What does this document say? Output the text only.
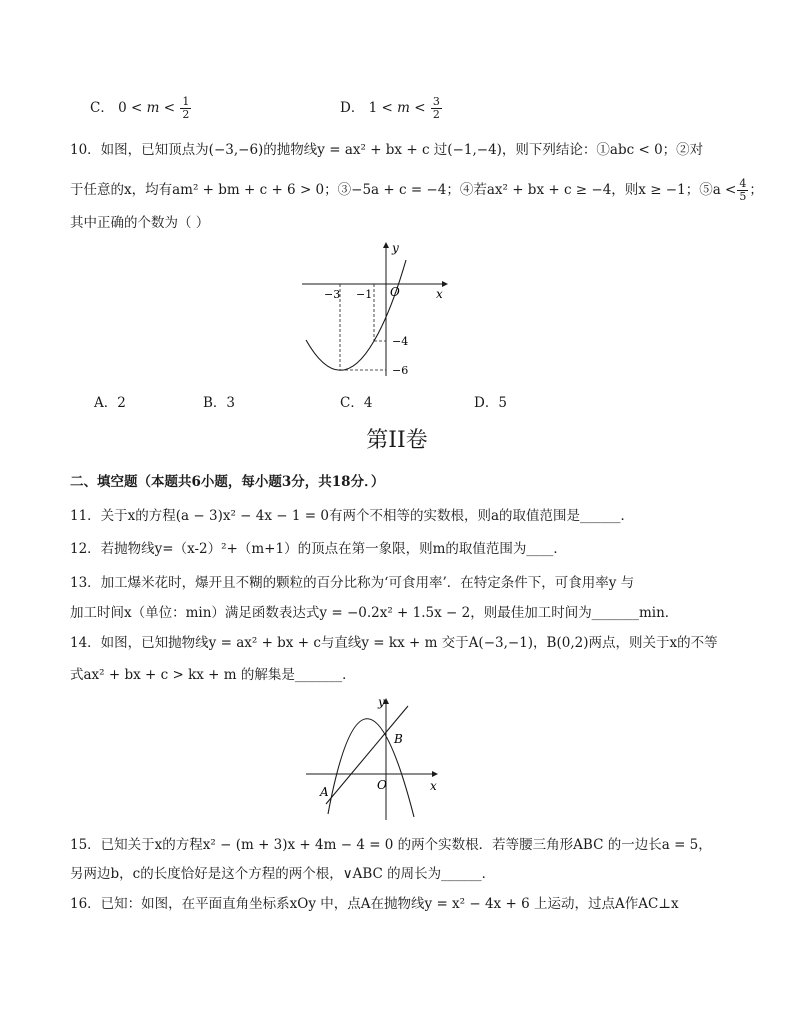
C． $0 < m < \frac{1}{2}$	D． $1 < m < \frac{3}{2}$
10．如图，已知顶点为(−3,−6)的抛物线y = ax² + bx + c 过(−1,−4)，则下列结论：①abc < 0；②对
于任意的x，均有am² + bm + c + 6 > 0；③−5a + c = −4；④若ax² + bx + c ≥ −4，则x ≥ −1；⑤a < $\frac{4}{5}$ ；
其中正确的个数为（ ）
y
x
O
−3 −1
−4
−6
A．2	B．3	C．4	D．5
第II卷
二、填空题（本题共6小题，每小题3分，共18分．）
11．关于x的方程(a − 3)x² − 4x − 1 = 0有两个不相等的实数根，则a的取值范围是______．
12．若抛物线y=（x-2）²+（m+1）的顶点在第一象限，则m的取值范围为____．
13．加工爆米花时，爆开且不糊的颗粒的百分比称为‘可食用率’．在特定条件下，可食用率y 与
加工时间x（单位：min）满足函数表达式y = −0.2x² + 1.5x − 2，则最佳加工时间为_______min．
14．如图，已知抛物线y = ax² + bx + c与直线y = kx + m 交于A(−3,−1)，B(0,2)两点，则关于x的不等
式ax² + bx + c > kx + m 的解集是_______．
x
O
A
B
y
15．已知关于x的方程x² − (m + 3)x + 4m − 4 = 0 的两个实数根．若等腰三角形ABC 的一边长a = 5，
另两边b，c的长度恰好是这个方程的两个根，∨ABC 的周长为______．
16．已知：如图，在平面直角坐标系xOy 中，点A在抛物线y = x² − 4x + 6 上运动，过点A作AC⊥x
